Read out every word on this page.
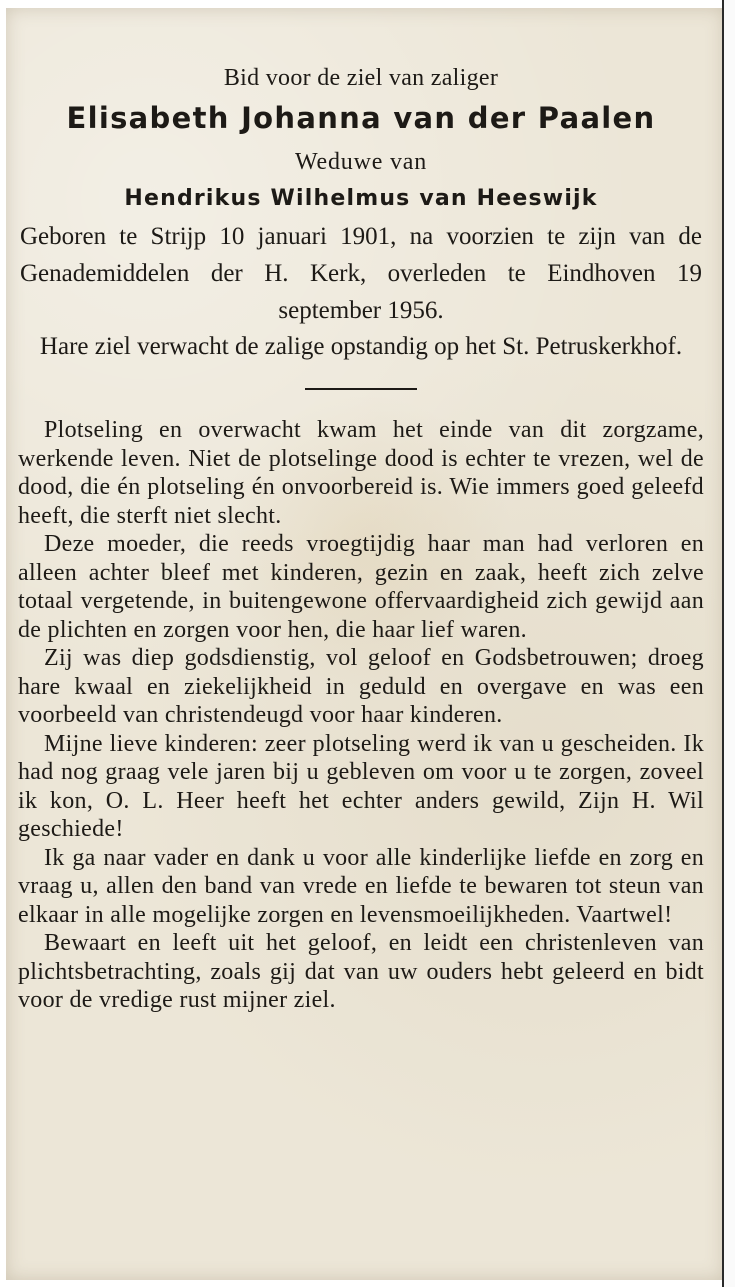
Bid voor de ziel van zaliger
Elisabeth Johanna van der Paalen
Weduwe van
Hendrikus Wilhelmus van Heeswijk
Geboren te Strijp 10 januari 1901, na voorzien te zijn van de Genademiddelen der H. Kerk, overleden te Eindhoven 19 september 1956.
Hare ziel verwacht de zalige opstandig op het St. Petruskerkhof.

Plotseling en overwacht kwam het einde van dit zorgzame, werkende leven. Niet de plotselinge dood is echter te vrezen, wel de dood, die én plotseling én onvoorbereid is. Wie immers goed geleefd heeft, die sterft niet slecht.

Deze moeder, die reeds vroegtijdig haar man had verloren en alleen achter bleef met kinderen, gezin en zaak, heeft zich zelve totaal vergetende, in buitengewone offervaardigheid zich gewijd aan de plichten en zorgen voor hen, die haar lief waren.

Zij was diep godsdienstig, vol geloof en Godsbetrouwen; droeg hare kwaal en ziekelijkheid in geduld en overgave en was een voorbeeld van christendeugd voor haar kinderen.

Mijne lieve kinderen: zeer plotseling werd ik van u gescheiden. Ik had nog graag vele jaren bij u gebleven om voor u te zorgen, zoveel ik kon, O. L. Heer heeft het echter anders gewild, Zijn H. Wil geschiede!

Ik ga naar vader en dank u voor alle kinderlijke liefde en zorg en vraag u, allen den band van vrede en liefde te bewaren tot steun van elkaar in alle mogelijke zorgen en levensmoeilijkheden. Vaartwel!

Bewaart en leeft uit het geloof, en leidt een christenleven van plichtsbetrachting, zoals gij dat van uw ouders hebt geleerd en bidt voor de vredige rust mijner ziel.
